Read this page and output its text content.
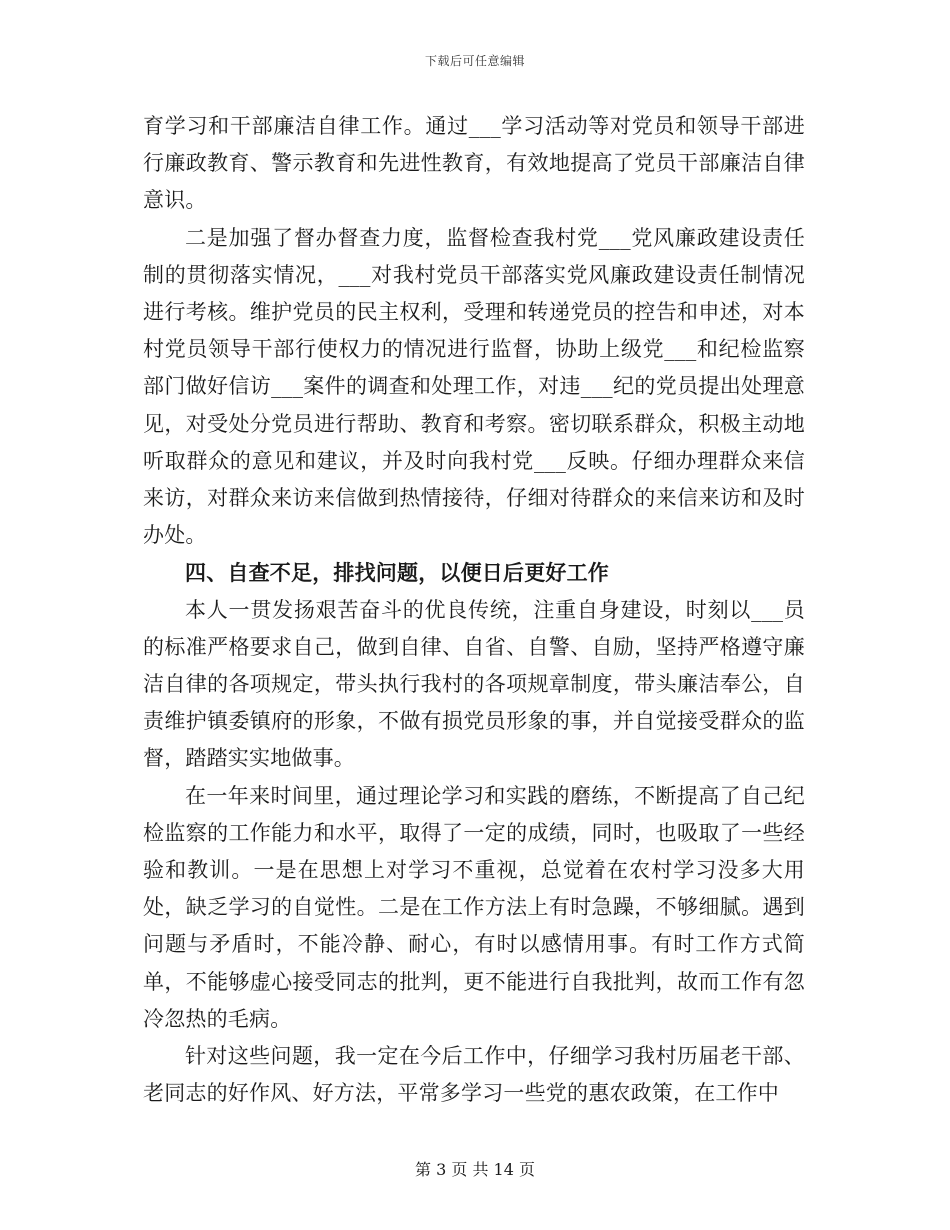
下载后可任意编辑

育学习和干部廉洁自律工作。通过___学习活动等对党员和领导干部进行廉政教育、警示教育和先进性教育，有效地提高了党员干部廉洁自律意识。

二是加强了督办督查力度，监督检查我村党___党风廉政建设责任制的贯彻落实情况，___对我村党员干部落实党风廉政建设责任制情况进行考核。维护党员的民主权利，受理和转递党员的控告和申述，对本村党员领导干部行使权力的情况进行监督，协助上级党___和纪检监察部门做好信访___案件的调查和处理工作，对违___纪的党员提出处理意见，对受处分党员进行帮助、教育和考察。密切联系群众，积极主动地听取群众的意见和建议，并及时向我村党___反映。仔细办理群众来信来访，对群众来访来信做到热情接待，仔细对待群众的来信来访和及时办处。

四、自查不足，排找问题，以便日后更好工作

本人一贯发扬艰苦奋斗的优良传统，注重自身建设，时刻以___员的标准严格要求自己，做到自律、自省、自警、自励，坚持严格遵守廉洁自律的各项规定，带头执行我村的各项规章制度，带头廉洁奉公，自责维护镇委镇府的形象，不做有损党员形象的事，并自觉接受群众的监督，踏踏实实地做事。

在一年来时间里，通过理论学习和实践的磨练，不断提高了自己纪检监察的工作能力和水平，取得了一定的成绩，同时，也吸取了一些经验和教训。一是在思想上对学习不重视，总觉着在农村学习没多大用处，缺乏学习的自觉性。二是在工作方法上有时急躁，不够细腻。遇到问题与矛盾时，不能冷静、耐心，有时以感情用事。有时工作方式简单，不能够虚心接受同志的批判，更不能进行自我批判，故而工作有忽冷忽热的毛病。

针对这些问题，我一定在今后工作中，仔细学习我村历届老干部、老同志的好作风、好方法，平常多学习一些党的惠农政策，在工作中

第 3 页 共 14 页
